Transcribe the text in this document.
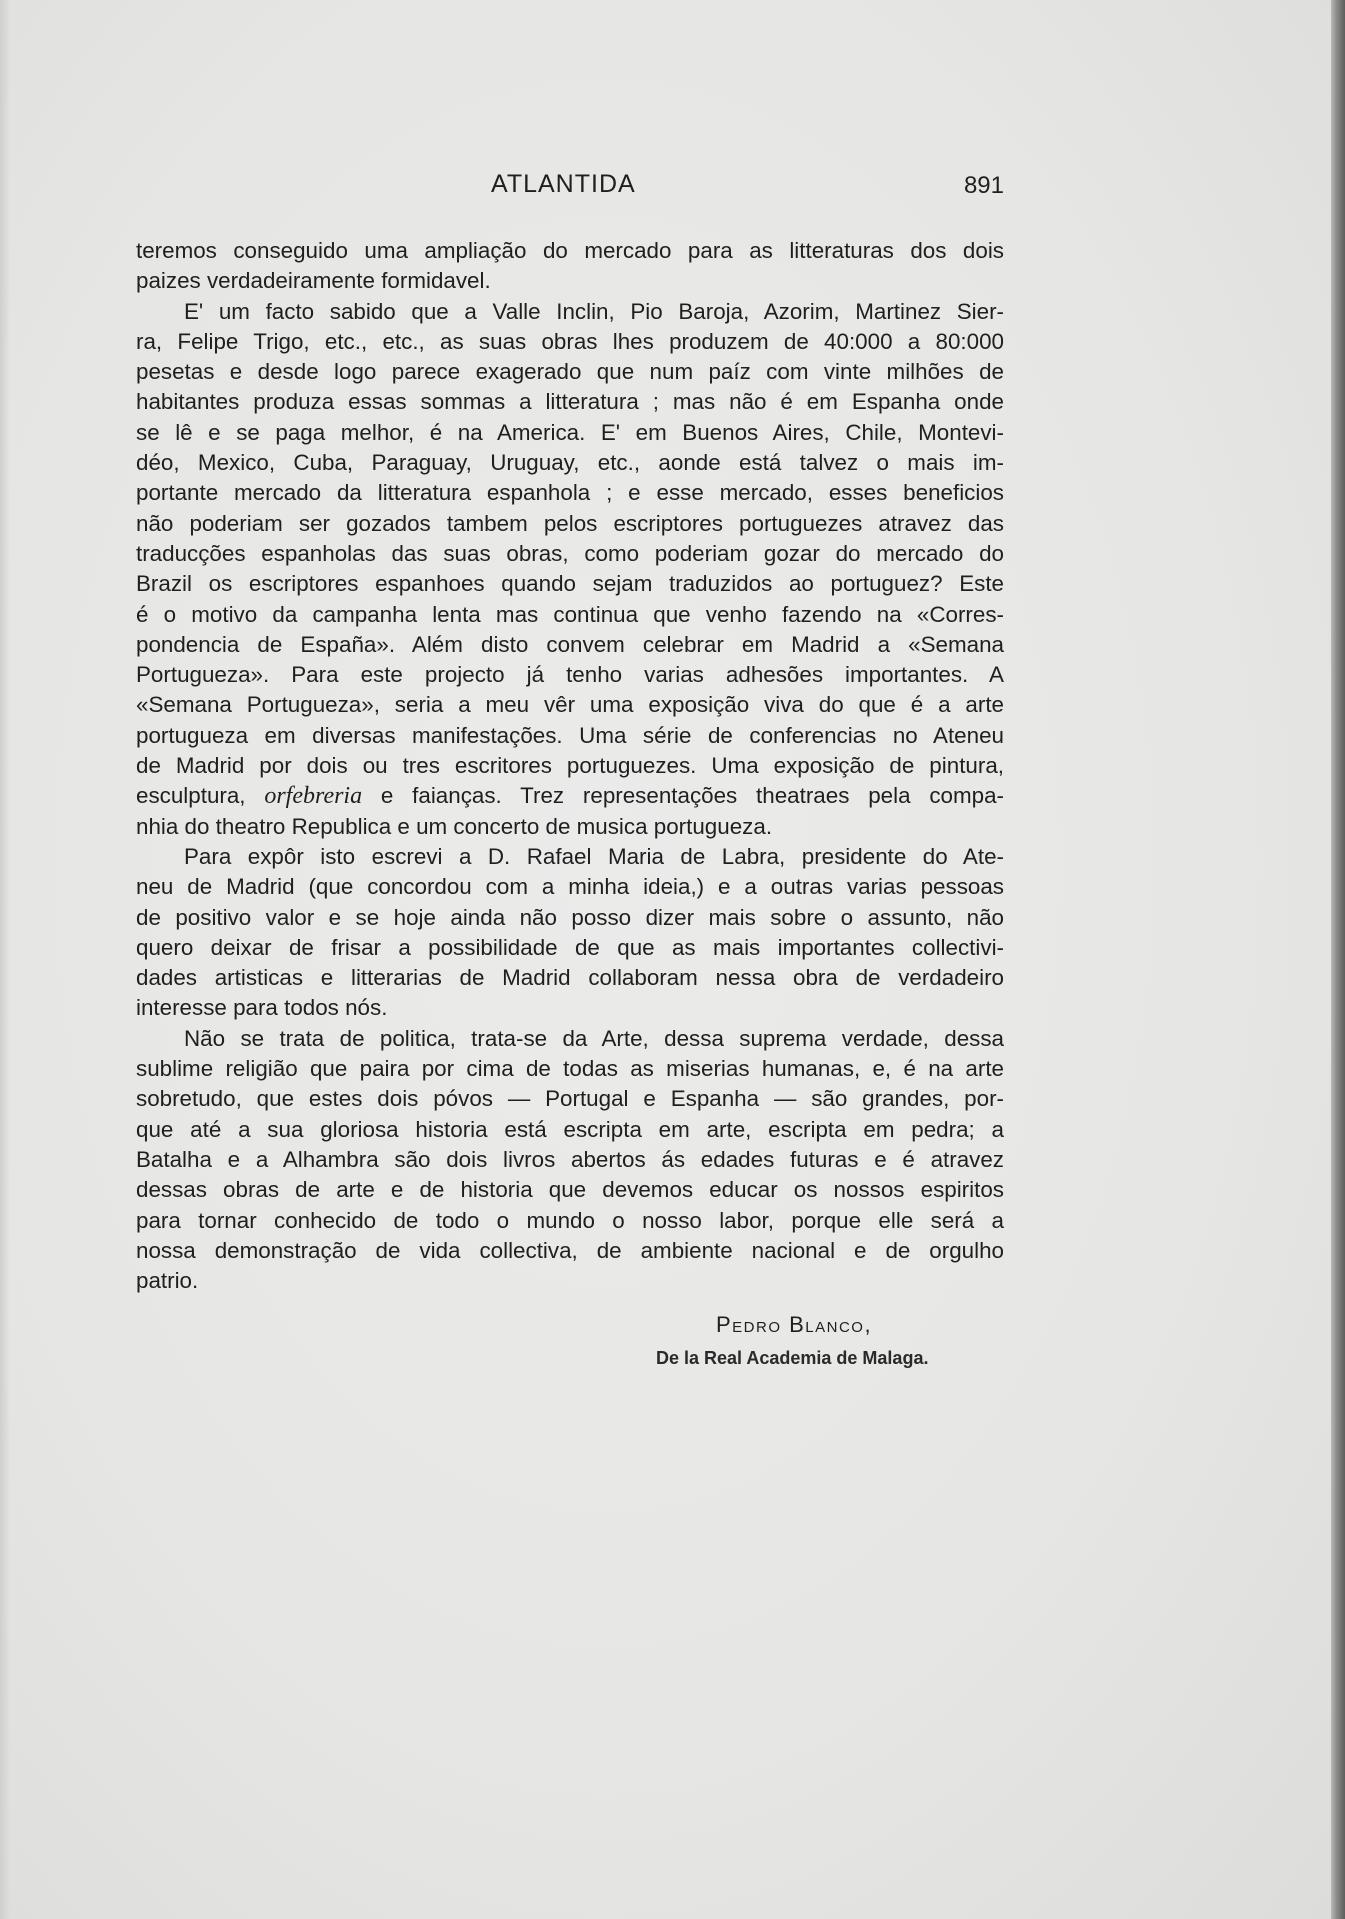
ATLANTIDA	891
teremos conseguido uma ampliação do mercado para as litteraturas dos dois
paizes verdadeiramente formidavel.
E' um facto sabido que a Valle Inclin, Pio Baroja, Azorim, Martinez Sier-
ra, Felipe Trigo, etc., etc., as suas obras lhes produzem de 40:000 a 80:000
pesetas e desde logo parece exagerado que num paíz com vinte milhões de
habitantes produza essas sommas a litteratura ; mas não é em Espanha onde
se lê e se paga melhor, é na America. E' em Buenos Aires, Chile, Montevi-
déo, Mexico, Cuba, Paraguay, Uruguay, etc., aonde está talvez o mais im-
portante mercado da litteratura espanhola ; e esse mercado, esses beneficios
não poderiam ser gozados tambem pelos escriptores portuguezes atravez das
traducções espanholas das suas obras, como poderiam gozar do mercado do
Brazil os escriptores espanhoes quando sejam traduzidos ao portuguez? Este
é o motivo da campanha lenta mas continua que venho fazendo na «Corres-
pondencia de España». Além disto convem celebrar em Madrid a «Semana
Portugueza». Para este projecto já tenho varias adhesões importantes. A
«Semana Portugueza», seria a meu vêr uma exposição viva do que é a arte
portugueza em diversas manifestações. Uma série de conferencias no Ateneu
de Madrid por dois ou tres escritores portuguezes. Uma exposição de pintura,
esculptura, orfebreria e faianças. Trez representações theatraes pela compa-
nhia do theatro Republica e um concerto de musica portugueza.
Para expôr isto escrevi a D. Rafael Maria de Labra, presidente do Ate-
neu de Madrid (que concordou com a minha ideia,) e a outras varias pessoas
de positivo valor e se hoje ainda não posso dizer mais sobre o assunto, não
quero deixar de frisar a possibilidade de que as mais importantes collectivi-
dades artisticas e litterarias de Madrid collaboram nessa obra de verdadeiro
interesse para todos nós.
Não se trata de politica, trata-se da Arte, dessa suprema verdade, dessa
sublime religião que paira por cima de todas as miserias humanas, e, é na arte
sobretudo, que estes dois póvos — Portugal e Espanha — são grandes, por-
que até a sua gloriosa historia está escripta em arte, escripta em pedra; a
Batalha e a Alhambra são dois livros abertos ás edades futuras e é atravez
dessas obras de arte e de historia que devemos educar os nossos espiritos
para tornar conhecido de todo o mundo o nosso labor, porque elle será a
nossa demonstração de vida collectiva, de ambiente nacional e de orgulho
patrio.
Pedro Blanco,
De la Real Academia de Malaga.
